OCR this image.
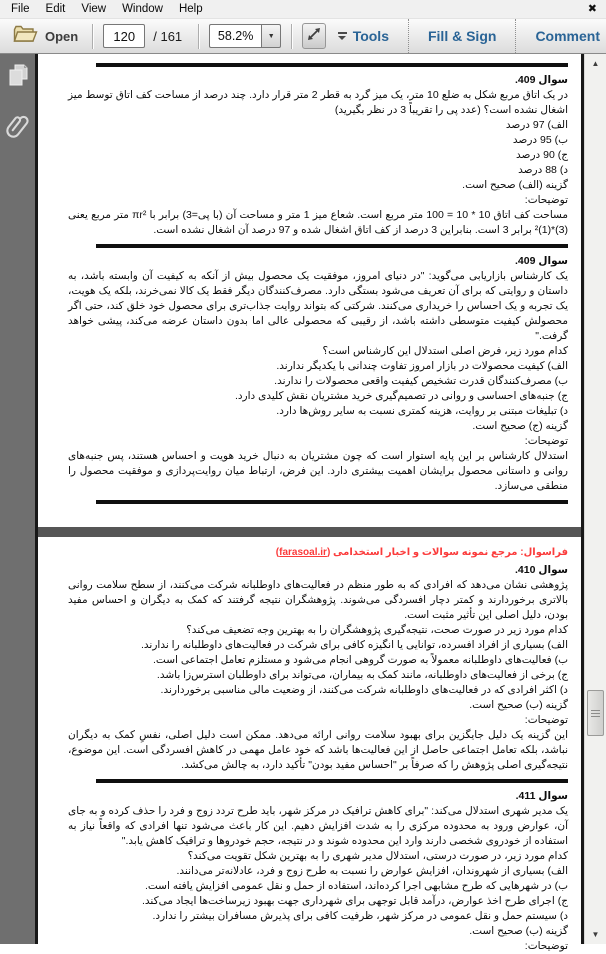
File	Edit	View	Window	Help	✖
Open
120	/ 161
58.2%	▼	Tools	Fill & Sign	Comment
سوال 409.
در یک اتاق مربع شکل به ضلع 10 متر، یک میز گرد به قطر 2 متر قرار دارد. چند درصد از مساحت کف اتاق توسط میز اشغال نشده است؟ (عدد پی را تقریباً 3 در نظر بگیرید)
الف) 97 درصد
ب) 95 درصد
ج) 90 درصد
د) 88 درصد
گزینه (الف) صحیح است.
توضیحات:
مساحت کف اتاق 10 * 10 = 100 متر مربع است. شعاع میز 1 متر و مساحت آن (با پی=3) برابر با πr² متر مربع یعنی (3)*(1)² برابر 3 است. بنابراین 3 درصد از کف اتاق اشغال شده و 97 درصد آن اشغال نشده است.
سوال 409.
یک کارشناس بازاریابی می‌گوید: "در دنیای امروز، موفقیت یک محصول بیش از آنکه به کیفیت آن وابسته باشد، به داستان و روایتی که برای آن تعریف می‌شود بستگی دارد. مصرف‌کنندگان دیگر فقط یک کالا نمی‌خرند، بلکه یک هویت، یک تجربه و یک احساس را خریداری می‌کنند. شرکتی که بتواند روایت جذاب‌تری برای محصول خود خلق کند، حتی اگر محصولش کیفیت متوسطی داشته باشد، از رقیبی که محصولی عالی اما بدون داستان عرضه می‌کند، پیشی خواهد گرفت."
کدام مورد زیر، فرض اصلی استدلال این کارشناس است؟
الف) کیفیت محصولات در بازار امروز تفاوت چندانی با یکدیگر ندارند.
ب) مصرف‌کنندگان قدرت تشخیص کیفیت واقعی محصولات را ندارند.
ج) جنبه‌های احساسی و روانی در تصمیم‌گیری خرید مشتریان نقش کلیدی دارد.
د) تبلیغات مبتنی بر روایت، هزینه کمتری نسبت به سایر روش‌ها دارد.
گزینه (ج) صحیح است.
توضیحات:
استدلال کارشناس بر این پایه استوار است که چون مشتریان به دنبال خرید هویت و احساس هستند، پس جنبه‌های روانی و داستانی محصول برایشان اهمیت بیشتری دارد. این فرض، ارتباط میان روایت‌پردازی و موفقیت محصول را منطقی می‌سازد.
فراسوال: مرجع نمونه سوالات و اخبار استخدامی (farasoal.ir)
سوال 410.
پژوهشی نشان می‌دهد که افرادی که به طور منظم در فعالیت‌های داوطلبانه شرکت می‌کنند، از سطح سلامت روانی بالاتری برخوردارند و کمتر دچار افسردگی می‌شوند. پژوهشگران نتیجه گرفتند که کمک به دیگران و احساس مفید بودن، دلیل اصلی این تأثیر مثبت است.
کدام مورد زیر در صورت صحت، نتیجه‌گیری پژوهشگران را به بهترین وجه تضعیف می‌کند؟
الف) بسیاری از افراد افسرده، توانایی یا انگیزه کافی برای شرکت در فعالیت‌های داوطلبانه را ندارند.
ب) فعالیت‌های داوطلبانه معمولاً به صورت گروهی انجام می‌شود و مستلزم تعامل اجتماعی است.
ج) برخی از فعالیت‌های داوطلبانه، مانند کمک به بیماران، می‌تواند برای داوطلبان استرس‌زا باشد.
د) اکثر افرادی که در فعالیت‌های داوطلبانه شرکت می‌کنند، از وضعیت مالی مناسبی برخوردارند.
گزینه (ب) صحیح است.
توضیحات:
این گزینه یک دلیل جایگزین برای بهبود سلامت روانی ارائه می‌دهد. ممکن است دلیل اصلی، نفسِ کمک به دیگران نباشد، بلکه تعامل اجتماعی حاصل از این فعالیت‌ها باشد که خود عامل مهمی در کاهش افسردگی است. این موضوع، نتیجه‌گیری اصلی پژوهش را که صرفاً بر "احساس مفید بودن" تأکید دارد، به چالش می‌کشد.
سوال 411.
یک مدیر شهری استدلال می‌کند: "برای کاهش ترافیک در مرکز شهر، باید طرح تردد زوج و فرد را حذف کرده و به جای آن، عوارض ورود به محدوده مرکزی را به شدت افزایش دهیم. این کار باعث می‌شود تنها افرادی که واقعاً نیاز به استفاده از خودروی شخصی دارند وارد این محدوده شوند و در نتیجه، حجم خودروها و ترافیک کاهش یابد."
کدام مورد زیر، در صورت درستی، استدلال مدیر شهری را به بهترین شکل تقویت می‌کند؟
الف) بسیاری از شهروندان، افزایش عوارض را نسبت به طرح زوج و فرد، عادلانه‌تر می‌دانند.
ب) در شهرهایی که طرح مشابهی اجرا کرده‌اند، استفاده از حمل و نقل عمومی افزایش یافته است.
ج) اجرای طرح اخذ عوارض، درآمد قابل توجهی برای شهرداری جهت بهبود زیرساخت‌ها ایجاد می‌کند.
د) سیستم حمل و نقل عمومی در مرکز شهر، ظرفیت کافی برای پذیرش مسافران بیشتر را ندارد.
گزینه (ب) صحیح است.
توضیحات:
▲
▼
